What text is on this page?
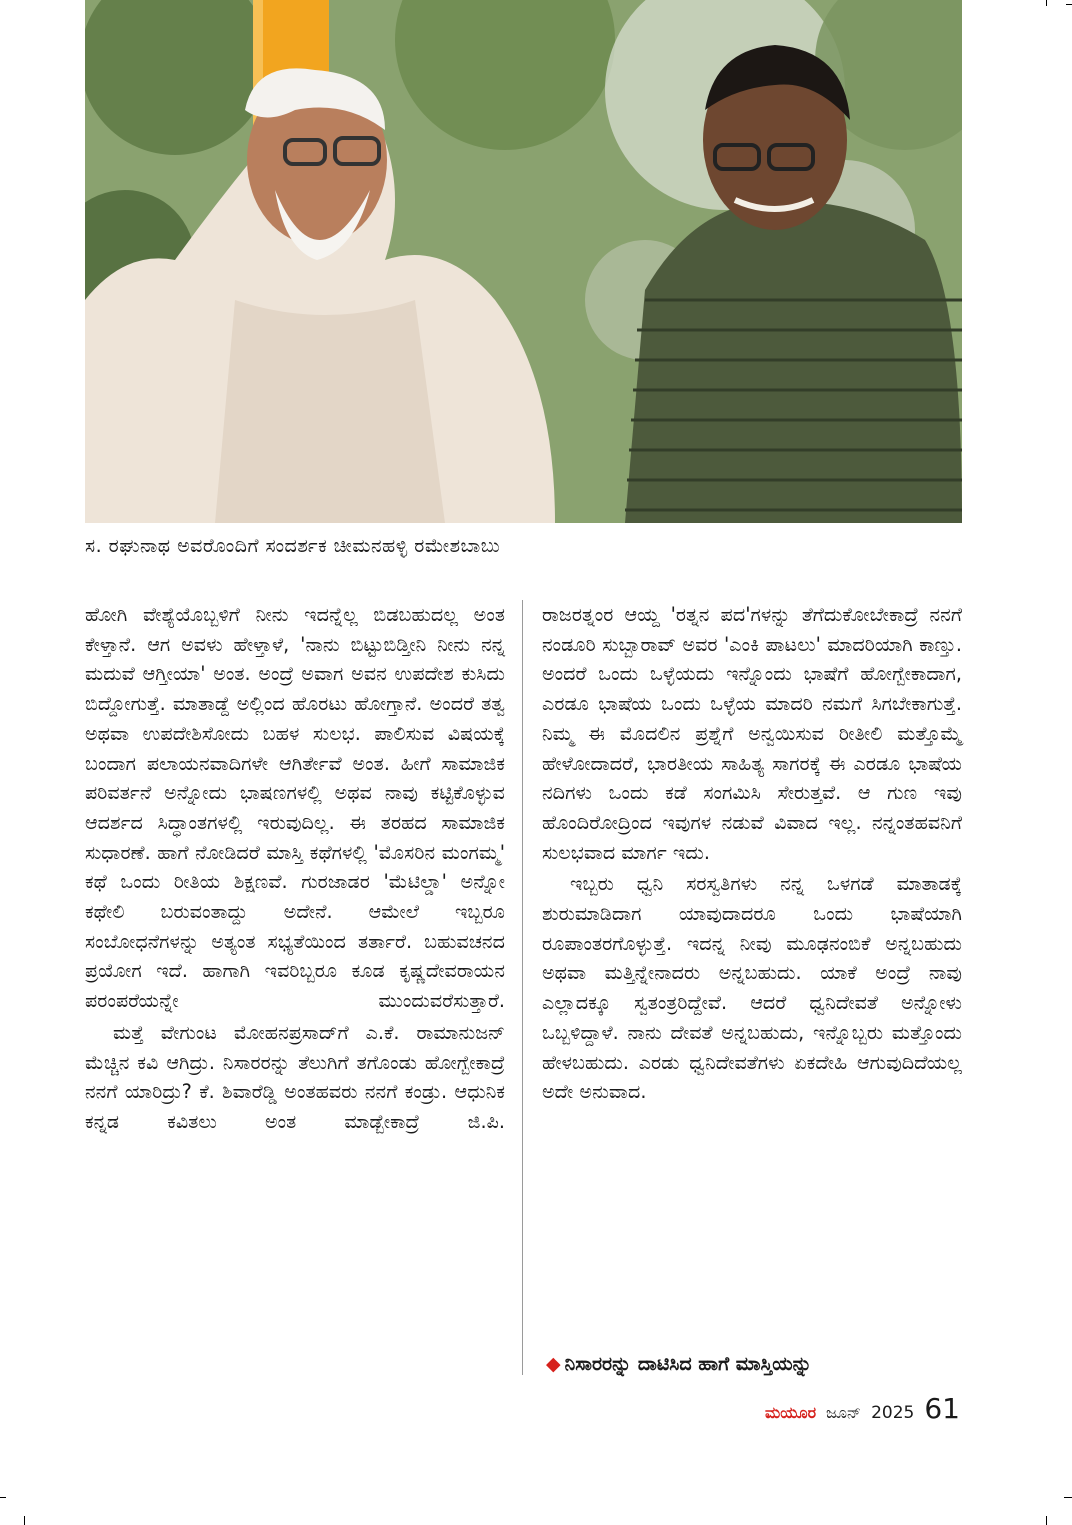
ಸ. ರಘುನಾಥ ಅವರೊಂದಿಗೆ ಸಂದರ್ಶಕ ಚೀಮನಹಳ್ಳಿ ರಮೇಶಬಾಬು

ಹೋಗಿ ವೇಶ್ಯೆಯೊಬ್ಬಳಿಗೆ ನೀನು ಇದನ್ನೆಲ್ಲ ಬಿಡಬಹುದಲ್ಲ ಅಂತ ಕೇಳ್ತಾನೆ. ಆಗ ಅವಳು ಹೇಳ್ತಾಳೆ, 'ನಾನು ಬಿಟ್ಟುಬಿಡ್ತೀನಿ ನೀನು ನನ್ನ ಮದುವೆ ಆಗ್ತೀಯಾ' ಅಂತ. ಅಂದ್ರೆ ಅವಾಗ ಅವನ ಉಪದೇಶ ಕುಸಿದು ಬಿದ್ದೋಗುತ್ತೆ. ಮಾತಾಡ್ದೆ ಅಲ್ಲಿಂದ ಹೊರಟು ಹೋಗ್ತಾನೆ. ಅಂದರೆ ತತ್ವ ಅಥವಾ ಉಪದೇಶಿಸೋದು ಬಹಳ ಸುಲಭ. ಪಾಲಿಸುವ ವಿಷಯಕ್ಕೆ ಬಂದಾಗ ಪಲಾಯನವಾದಿಗಳೇ ಆಗಿರ್ತೇವೆ ಅಂತ. ಹೀಗೆ ಸಾಮಾಜಿಕ ಪರಿವರ್ತನೆ ಅನ್ನೋದು ಭಾಷಣಗಳಲ್ಲಿ ಅಥವ ನಾವು ಕಟ್ಟಿಕೊಳ್ಳುವ ಆದರ್ಶದ ಸಿದ್ಧಾಂತಗಳಲ್ಲಿ ಇರುವುದಿಲ್ಲ. ಈ ತರಹದ ಸಾಮಾಜಿಕ ಸುಧಾರಣೆ. ಹಾಗೆ ನೋಡಿದರೆ ಮಾಸ್ತಿ ಕಥೆಗಳಲ್ಲಿ 'ಮೊಸರಿನ ಮಂಗಮ್ಮ' ಕಥೆ ಒಂದು ರೀತಿಯ ಶಿಕ್ಷಣವೆ. ಗುರಜಾಡರ 'ಮೆಟಿಲ್ಡಾ' ಅನ್ನೋ ಕಥೇಲಿ ಬರುವಂತಾದ್ದು ಅದೇನೆ. ಆಮೇಲೆ ಇಬ್ಬರೂ ಸಂಬೋಧನೆಗಳನ್ನು ಅತ್ಯಂತ ಸಭ್ಯತೆಯಿಂದ ತರ್ತಾರೆ. ಬಹುವಚನದ ಪ್ರಯೋಗ ಇದೆ. ಹಾಗಾಗಿ ಇವರಿಬ್ಬರೂ ಕೂಡ ಕೃಷ್ಣದೇವರಾಯನ ಪರಂಪರೆಯನ್ನೇ ಮುಂದುವರೆಸುತ್ತಾರೆ.

ಮತ್ತೆ ವೇಗುಂಟ ಮೋಹನಪ್ರಸಾದ್‌ಗೆ ಎ.ಕೆ. ರಾಮಾನುಜನ್ ಮೆಚ್ಚಿನ ಕವಿ ಆಗಿದ್ರು. ನಿಸಾರರನ್ನು ತೆಲುಗಿಗೆ ತಗೊಂಡು ಹೋಗ್ಬೇಕಾದ್ರೆ ನನಗೆ ಯಾರಿದ್ರು? ಕೆ. ಶಿವಾರೆಡ್ಡಿ ಅಂತಹವರು ನನಗೆ ಕಂಡ್ರು. ಆಧುನಿಕ ಕನ್ನಡ ಕವಿತಲು ಅಂತ ಮಾಡ್ಬೇಕಾದ್ರೆ ಜಿ.ಪಿ.

ರಾಜರತ್ನಂರ ಆಯ್ದ 'ರತ್ನನ ಪದ'ಗಳನ್ನು ತೆಗೆದುಕೋಬೇಕಾದ್ರೆ ನನಗೆ ನಂಡೂರಿ ಸುಬ್ಬಾರಾವ್ ಅವರ 'ಎಂಕಿ ಪಾಟಲು' ಮಾದರಿಯಾಗಿ ಕಾಣ್ತು. ಅಂದರೆ ಒಂದು ಒಳ್ಳೆಯದು ಇನ್ನೊಂದು ಭಾಷೆಗೆ ಹೋಗ್ಬೇಕಾದಾಗ, ಎರಡೂ ಭಾಷೆಯ ಒಂದು ಒಳ್ಳೆಯ ಮಾದರಿ ನಮಗೆ ಸಿಗಬೇಕಾಗುತ್ತೆ. ನಿಮ್ಮ ಈ ಮೊದಲಿನ ಪ್ರಶ್ನೆಗೆ ಅನ್ವಯಿಸುವ ರೀತೀಲಿ ಮತ್ತೊಮ್ಮೆ ಹೇಳೋದಾದರೆ, ಭಾರತೀಯ ಸಾಹಿತ್ಯ ಸಾಗರಕ್ಕೆ ಈ ಎರಡೂ ಭಾಷೆಯ ನದಿಗಳು ಒಂದು ಕಡೆ ಸಂಗಮಿಸಿ ಸೇರುತ್ತವೆ. ಆ ಗುಣ ಇವು ಹೊಂದಿರೋದ್ರಿಂದ ಇವುಗಳ ನಡುವೆ ವಿವಾದ ಇಲ್ಲ. ನನ್ನಂತಹವನಿಗೆ ಸುಲಭವಾದ ಮಾರ್ಗ ಇದು.

ಇಬ್ಬರು ಧ್ವನಿ ಸರಸ್ವತಿಗಳು ನನ್ನ ಒಳಗಡೆ ಮಾತಾಡಕ್ಕೆ ಶುರುಮಾಡಿದಾಗ ಯಾವುದಾದರೂ ಒಂದು ಭಾಷೆಯಾಗಿ ರೂಪಾಂತರಗೊಳ್ಳುತ್ತೆ. ಇದನ್ನ ನೀವು ಮೂಢನಂಬಿಕೆ ಅನ್ನಬಹುದು ಅಥವಾ ಮತ್ತಿನ್ನೇನಾದರು ಅನ್ನಬಹುದು. ಯಾಕೆ ಅಂದ್ರೆ ನಾವು ಎಲ್ಲಾದಕ್ಕೂ ಸ್ವತಂತ್ರರಿದ್ದೇವೆ. ಆದರೆ ಧ್ವನಿದೇವತೆ ಅನ್ನೋಳು ಒಬ್ಬಳಿದ್ದಾಳೆ. ನಾನು ದೇವತೆ ಅನ್ನಬಹುದು, ಇನ್ನೊಬ್ಬರು ಮತ್ತೊಂದು ಹೇಳಬಹುದು. ಎರಡು ಧ್ವನಿದೇವತೆಗಳು ಏಕದೇಹಿ ಆಗುವುದಿದೆಯಲ್ಲ ಅದೇ ಅನುವಾದ.

◆ ನಿಸಾರರನ್ನು ದಾಟಿಸಿದ ಹಾಗೆ ಮಾಸ್ತಿಯನ್ನು
ಮಯೂರ ಜೂನ್ 2025 61
